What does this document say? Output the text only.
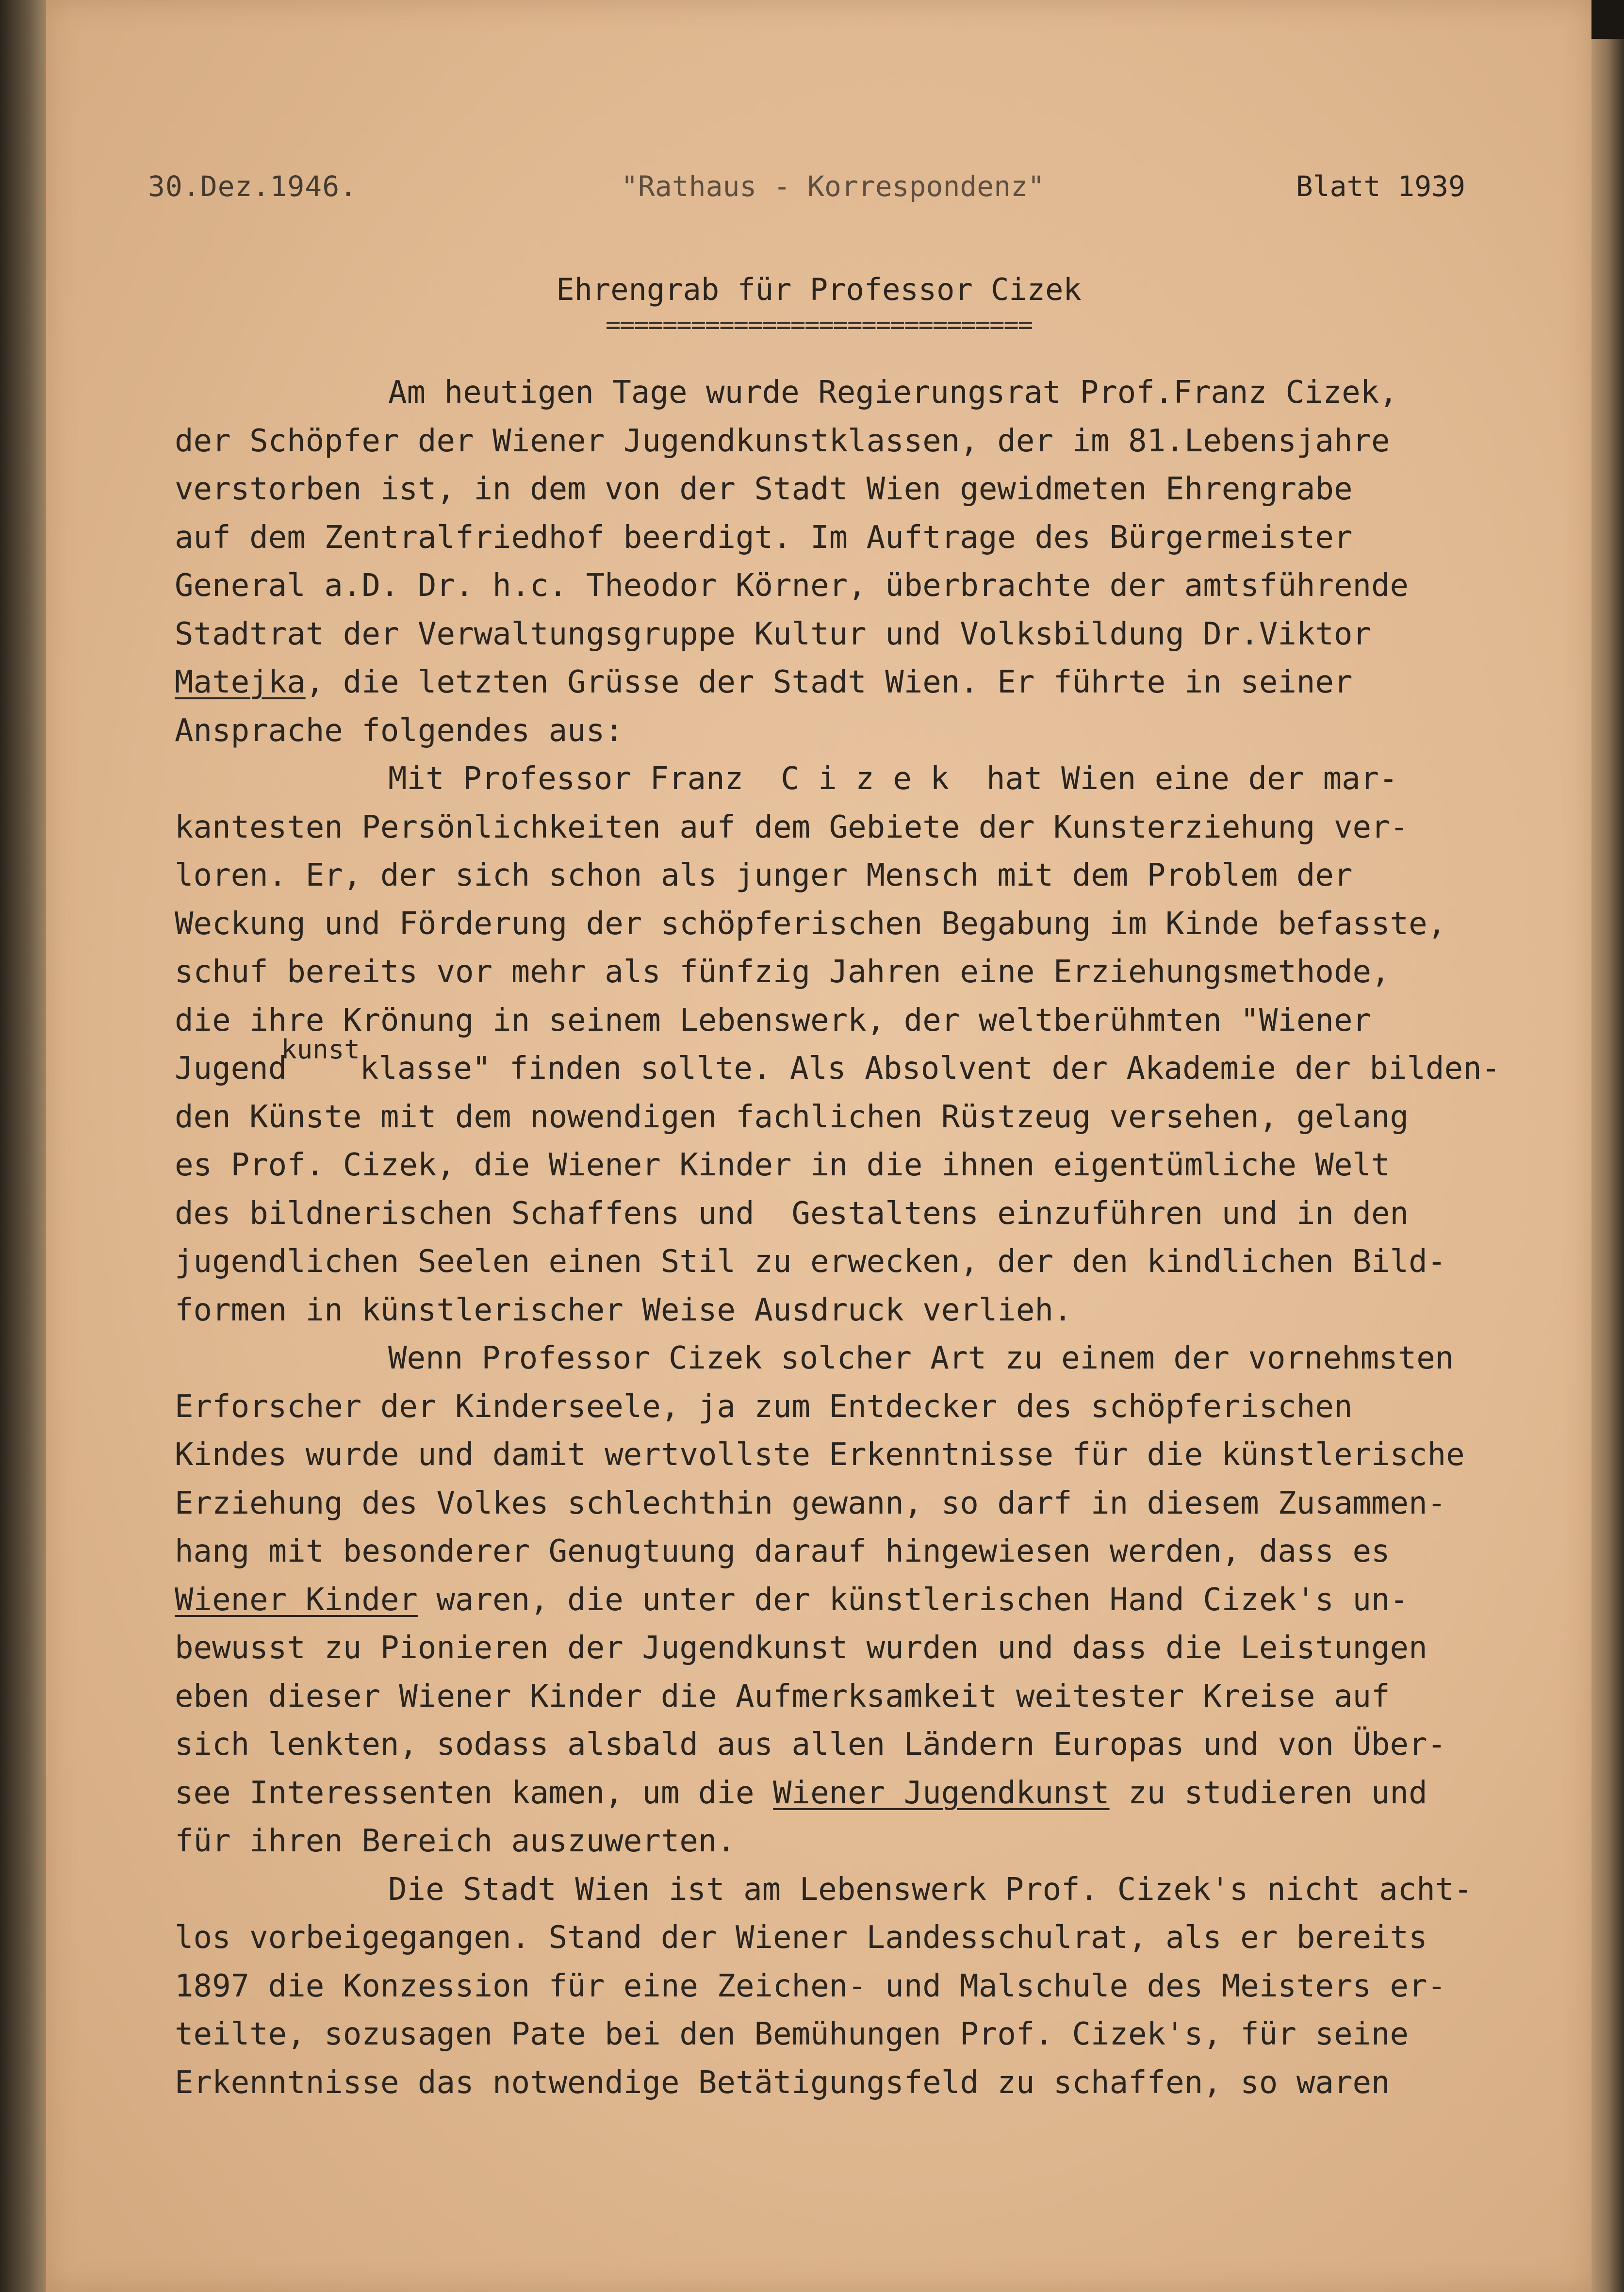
30.Dez.1946.	"Rathaus - Korrespondenz"	Blatt 1939
Ehrengrab für Professor Cizek
==============================
Am heutigen Tage wurde Regierungsrat Prof.Franz Cizek,
der Schöpfer der Wiener Jugendkunstklassen, der im 81.Lebensjahre
verstorben ist, in dem von der Stadt Wien gewidmeten Ehrengrabe
auf dem Zentralfriedhof beerdigt. Im Auftrage des Bürgermeister
General a.D. Dr. h.c. Theodor Körner, überbrachte der amtsführende
Stadtrat der Verwaltungsgruppe Kultur und Volksbildung Dr.Viktor
Matejka, die letzten Grüsse der Stadt Wien. Er führte in seiner
Ansprache folgendes aus:
Mit Professor Franz  C i z e k  hat Wien eine der mar-
kantesten Persönlichkeiten auf dem Gebiete der Kunsterziehung ver-
loren. Er, der sich schon als junger Mensch mit dem Problem der
Weckung und Förderung der schöpferischen Begabung im Kinde befasste,
schuf bereits vor mehr als fünfzig Jahren eine Erziehungsmethode,
die ihre Krönung in seinem Lebenswerk, der weltberühmten "Wiener
Jugend$^{kunst}$klasse" finden sollte. Als Absolvent der Akademie der bilden-
den Künste mit dem nowendigen fachlichen Rüstzeug versehen, gelang
es Prof. Cizek, die Wiener Kinder in die ihnen eigentümliche Welt
des bildnerischen Schaffens und  Gestaltens einzuführen und in den
jugendlichen Seelen einen Stil zu erwecken, der den kindlichen Bild-
formen in künstlerischer Weise Ausdruck verlieh.
Wenn Professor Cizek solcher Art zu einem der vornehmsten
Erforscher der Kinderseele, ja zum Entdecker des schöpferischen
Kindes wurde und damit wertvollste Erkenntnisse für die künstlerische
Erziehung des Volkes schlechthin gewann, so darf in diesem Zusammen-
hang mit besonderer Genugtuung darauf hingewiesen werden, dass es
Wiener Kinder waren, die unter der künstlerischen Hand Cizek's un-
bewusst zu Pionieren der Jugendkunst wurden und dass die Leistungen
eben dieser Wiener Kinder die Aufmerksamkeit weitester Kreise auf
sich lenkten, sodass alsbald aus allen Ländern Europas und von Über-
see Interessenten kamen, um die Wiener Jugendkunst zu studieren und
für ihren Bereich auszuwerten.
Die Stadt Wien ist am Lebenswerk Prof. Cizek's nicht acht-
los vorbeigegangen. Stand der Wiener Landesschulrat, als er bereits
1897 die Konzession für eine Zeichen- und Malschule des Meisters er-
teilte, sozusagen Pate bei den Bemühungen Prof. Cizek's, für seine
Erkenntnisse das notwendige Betätigungsfeld zu schaffen, so waren
